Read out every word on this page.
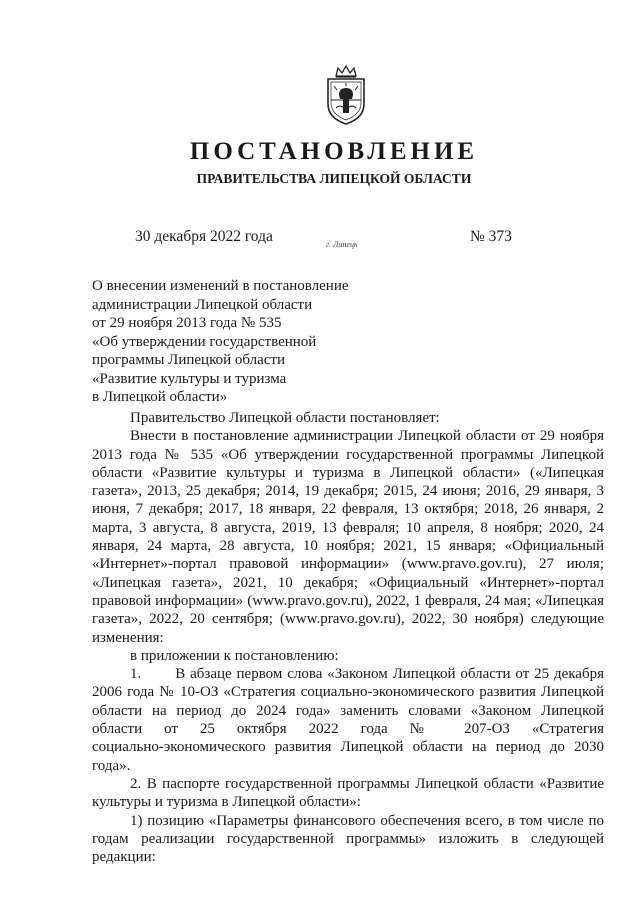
ПОСТАНОВЛЕНИЕ
ПРАВИТЕЛЬСТВА ЛИПЕЦКОЙ ОБЛАСТИ
30 декабря 2022 года	г. Липецк	№ 373
О внесении изменений в постановление
администрации Липецкой области
от 29 ноября 2013 года № 535
«Об утверждении государственной
программы Липецкой области
«Развитие культуры и туризма
в Липецкой области»

Правительство Липецкой области постановляет:

Внести в постановление администрации Липецкой области от 29 ноября

2013 года № 535 «Об утверждении государственной программы Липецкой

области «Развитие культуры и туризма в Липецкой области» («Липецкая

газета», 2013, 25 декабря; 2014, 19 декабря; 2015, 24 июня; 2016, 29 января, 3

июня, 7 декабря; 2017, 18 января, 22 февраля, 13 октября; 2018, 26 января, 2

марта, 3 августа, 8 августа, 2019, 13 февраля; 10 апреля, 8 ноября; 2020, 24

января, 24 марта, 28 августа, 10 ноября; 2021, 15 января; «Официальный

«Интернет»-портал правовой информации» (www.pravo.gov.ru), 27 июля;

«Липецкая газета», 2021, 10 декабря; «Официальный «Интернет»-портал

правовой информации» (www.pravo.gov.ru), 2022, 1 февраля, 24 мая; «Липецкая

газета», 2022, 20 сентября; (www.pravo.gov.ru), 2022, 30 ноября) следующие

изменения:

в приложении к постановлению:

1.       В абзаце первом слова «Законом Липецкой области от 25 декабря

2006 года № 10-ОЗ «Стратегия социально-экономического развития Липецкой

области на период до 2024 года» заменить словами «Законом Липецкой

области от 25 октября 2022 года № 207-ОЗ «Стратегия

социально-экономического развития Липецкой области на период до 2030

года».

2. В паспорте государственной программы Липецкой области «Развитие

культуры и туризма в Липецкой области»:

1) позицию «Параметры финансового обеспечения всего, в том числе по

годам реализации государственной программы» изложить в следующей

редакции:
